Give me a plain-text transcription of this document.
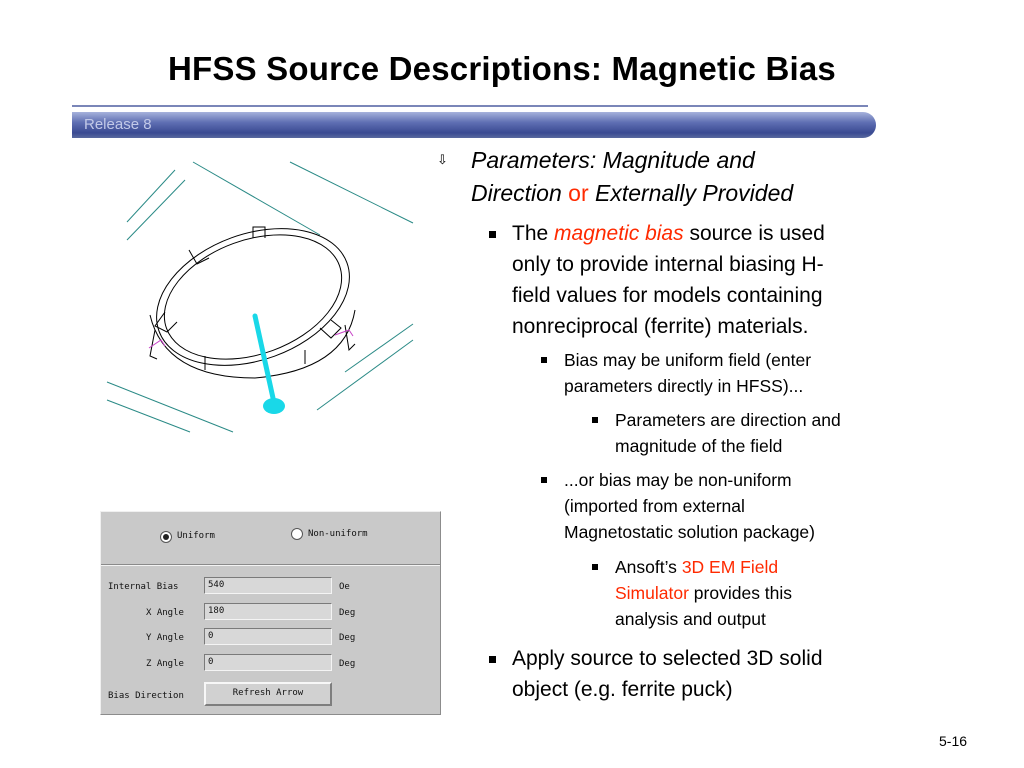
HFSS Source Descriptions: Magnetic Bias
Release 8
Uniform	Non-uniform
Internal Bias	540	Oe
X Angle	180	Deg
Y Angle	0	Deg
Z Angle	0	Deg
Bias Direction	Refresh Arrow
⇩ Parameters: Magnitude and
Direction or Externally Provided
The magnetic bias source is used
only to provide internal biasing H-
field values for models containing
nonreciprocal (ferrite) materials.
Bias may be uniform field (enter
parameters directly in HFSS)...
Parameters are direction and
magnitude of the field
...or bias may be non-uniform
(imported from external
Magnetostatic solution package)
Ansoft’s 3D EM Field
Simulator provides this
analysis and output
Apply source to selected 3D solid
object (e.g. ferrite puck)
5-16
